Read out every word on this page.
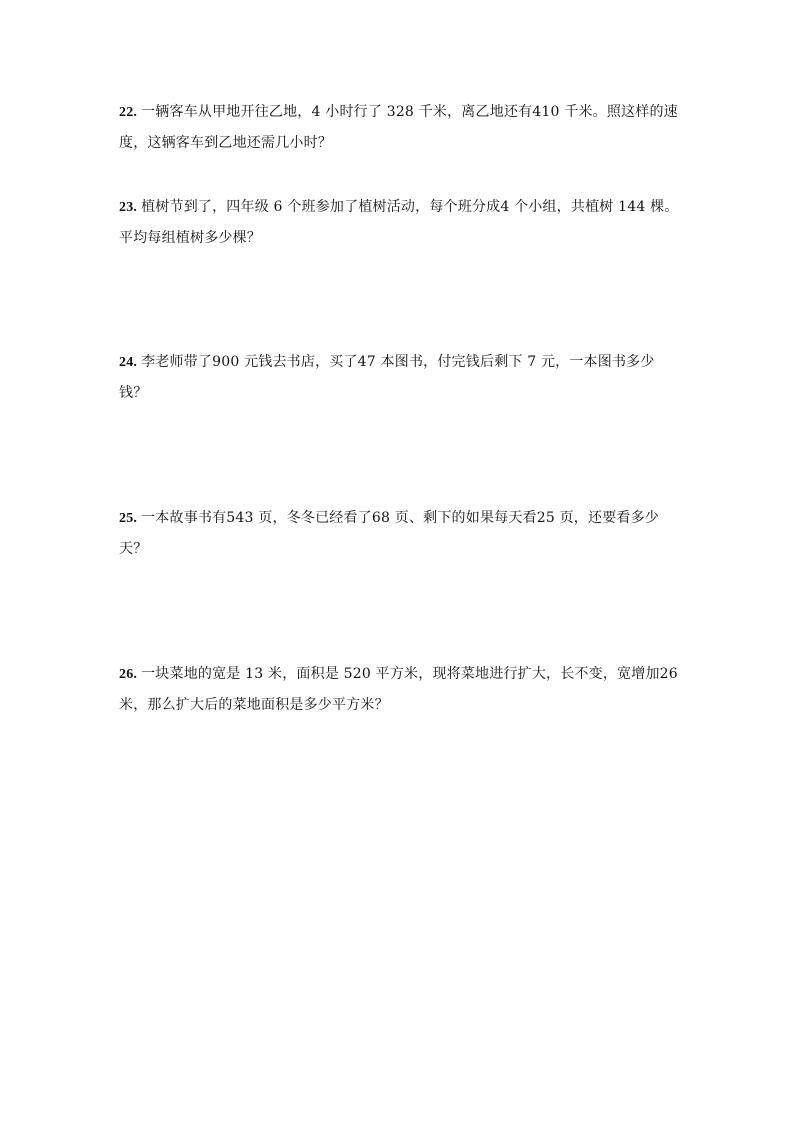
22. 一辆客车从甲地开往乙地，4 小时行了 328 千米，离乙地还有410 千米。照这样的速度，这辆客车到乙地还需几小时？
23. 植树节到了，四年级 6 个班参加了植树活动，每个班分成4 个小组，共植树 144 棵。平均每组植树多少棵？
24. 李老师带了900 元钱去书店，买了47 本图书，付完钱后剩下 7 元，一本图书多少钱？
25. 一本故事书有543 页，冬冬已经看了68 页、剩下的如果每天看25 页，还要看多少天？
26. 一块菜地的宽是 13 米，面积是 520 平方米，现将菜地进行扩大，长不变，宽增加26 米，那么扩大后的菜地面积是多少平方米？
